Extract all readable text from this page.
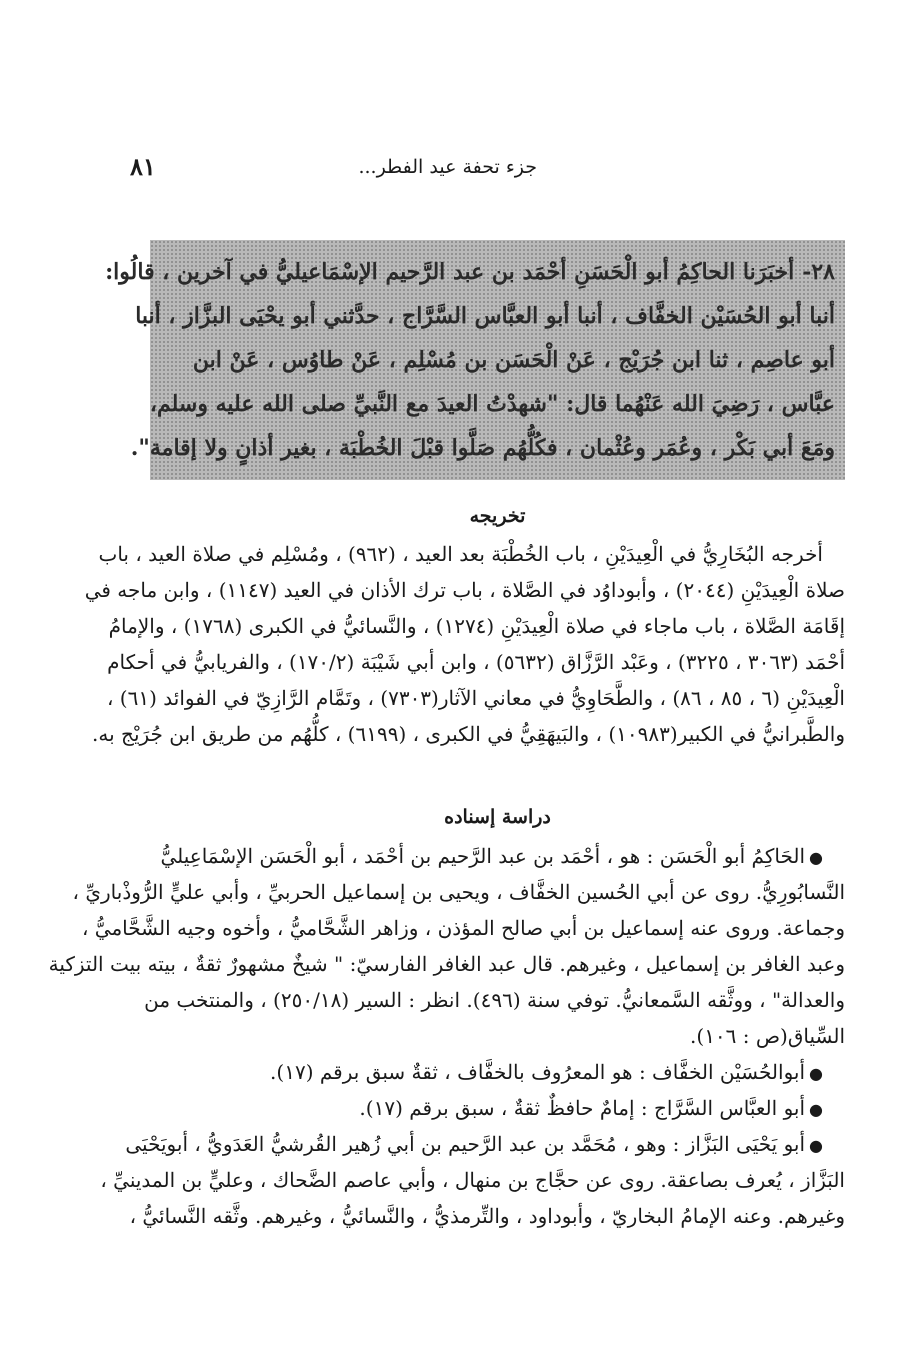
جزء تحفة عيد الفطر...
٨١
٢٨-أخبَرَنا الحاكِمُ أبو الْحَسَنِ أحْمَد بن عبد الرَّحيم الإسْمَاعيليُّ في آخرين ، قالُوا:
أنبا أبو الحُسَيْن الخفَّاف ، أنبا أبو العبَّاس السَّرَّاج ، حدَّثني أبو يحْيَى البزَّاز ، أنبا
أبو عاصِم ، ثنا ابن جُرَيْج ، عَنْ الْحَسَن بن مُسْلِم ، عَنْ طاوُس ، عَنْ ابن
عبَّاس ، رَضِيَ الله عَنْهُما قال: "شهدْتُ العيدَ مع النَّبيِّ صلى الله عليه وسلم،
ومَعَ أبي بَكْر ، وعُمَر وعُثْمان ، فكُلُّهُم صَلَّوا قبْلَ الخُطْبَة ، بغير أذانٍ ولا إقامة".
تخريجه
أخرجه البُخَارِيُّ في الْعِيدَيْنِ ، باب الخُطْبَة بعد العيد ، (٩٦٢) ، ومُسْلِم في صلاة العيد ، باب
صلاة الْعِيدَيْنِ (٢٠٤٤) ، وأبوداوُد في الصَّلاة ، باب ترك الأذان في العيد (١١٤٧) ، وابن ماجه في
إقَامَة الصَّلاة ، باب ماجاء في صلاة الْعِيدَيْنِ (١٢٧٤) ، والنَّسائيُّ في الكبرى (١٧٦٨) ، والإمامُ
أحْمَد (٣٠٦٣ ، ٣٢٢٥) ، وعَبْد الرَّزَّاق (٥٦٣٢) ، وابن أبي شَيْبَة (١٧٠/٢) ، والفريابيُّ في أحكام
الْعِيدَيْنِ (٦ ، ٨٥ ، ٨٦) ، والطَّحَاوِيُّ في معاني الآثار(٧٣٠٣) ، وتَمَّام الرَّازِيّ في الفوائد (٦١) ،
والطَّبرانيُّ في الكبير(١٠٩٨٣) ، والبَيهَقِيُّ في الكبرى ، (٦١٩٩) ، كلُّهُم من طريق ابن جُرَيْج به.
دراسة إسناده
●الحَاكِمُ أبو الْحَسَن : هو ، أحْمَد بن عبد الرَّحيم بن أحْمَد ، أبو الْحَسَن الإسْمَاعِيليُّ
النَّسابُورِيُّ. روى عن أبي الحُسين الخفَّاف ، ويحيى بن إسماعيل الحربيِّ ، وأبي عليٍّ الرُّوذْباريِّ ،
وجماعة. وروى عنه إسماعيل بن أبي صالح المؤذن ، وزاهر الشَّحَّاميُّ ، وأخوه وجيه الشَّحَّاميُّ ،
وعبد الغافر بن إسماعيل ، وغيرهم. قال عبد الغافر الفارسيّ: " شيخٌ مشهورٌ ثقةٌ ، بيته بيت التزكية
والعدالة" ، ووثَّقه السَّمعانيُّ. توفي سنة (٤٩٦). انظر : السير (٢٥٠/١٨) ، والمنتخب من
السِّياق(ص : ١٠٦).
●أبوالحُسَيْن الخفَّاف : هو المعرُوف بالخفَّاف ، ثقةٌ سبق برقم (١٧).
●أبو العبَّاس السَّرَّاج : إمامٌ حافظٌ ثقةٌ ، سبق برقم (١٧).
●أبو يَحْيَى البَزَّاز : وهو ، مُحَمَّد بن عبد الرَّحيم بن أبي زُهير القُرشيُّ العَدَويُّ ، أبويَحْيَى
البَزَّاز ، يُعرف بصاعقة. روى عن حجَّاج بن منهال ، وأبي عاصم الضَّحاك ، وعليٍّ بن المدينيِّ ،
وغيرهم. وعنه الإمامُ البخاريّ ، وأبوداود ، والتِّرمذيُّ ، والنَّسائيُّ ، وغيرهم. وثَّقه النَّسائيُّ ،
